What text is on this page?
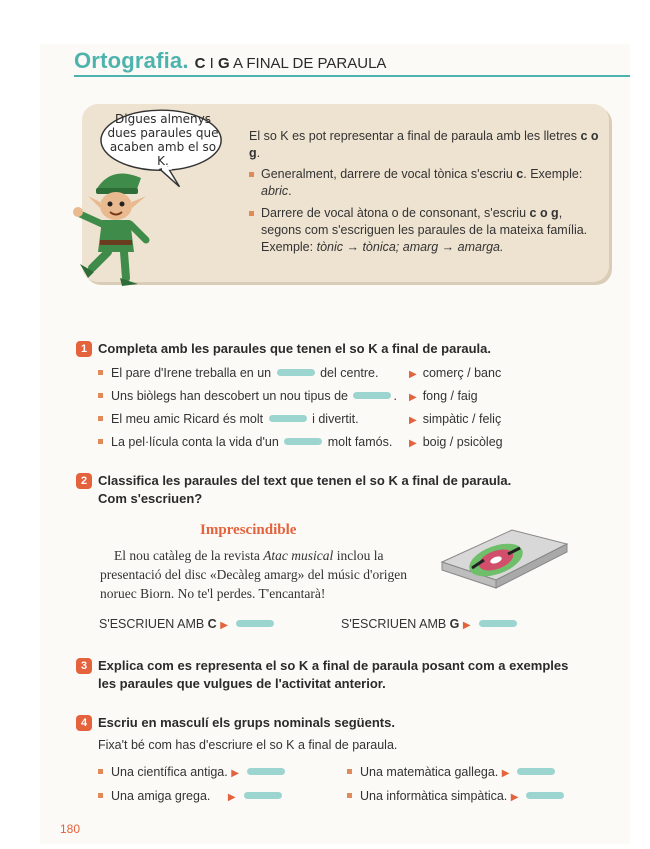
Ortografia. C I G A FINAL DE PARAULA
Digues almenys dues paraules que acaben amb el so K.

El so K es pot representar a final de paraula amb les lletres c o g.

Generalment, darrere de vocal tònica s'escriu c. Exemple: abric.
Darrere de vocal àtona o de consonant, s'escriu c o g, segons com s'escriguen les paraules de la mateixa família. Exemple: tònic → tònica; amarg → amarga.
1 Completa amb les paraules que tenen el so K a final de paraula.
El pare d'Irene treballa en un	del centre.	▶ comerç / banc
Uns biòlegs han descobert un nou tipus de	. ▶ fong / faig
El meu amic Ricard és molt	i divertit.	▶ simpàtic / feliç
La pel·lícula conta la vida d'un	molt famós. ▶ boig / psicòleg
2 Classifica les paraules del text que tenen el so K a final de paraula.
Com s'escriuen?
Imprescindible
El nou catàleg de la revista Atac musical inclou la presentació del disc «Decàleg amarg» del músic d'origen noruec Biorn. No te'l perdes. T'encantarà!
S'ESCRIUEN AMB C ▶	S'ESCRIUEN AMB G ▶
3 Explica com es representa el so K a final de paraula posant com a exemples
les paraules que vulgues de l'activitat anterior.
4 Escriu en masculí els grups nominals següents.
Fixa't bé com has d'escriure el so K a final de paraula.
Una científica antiga. ▶	Una matemàtica gallega. ▶
Una amiga grega. ▶	Una informàtica simpàtica. ▶
180
